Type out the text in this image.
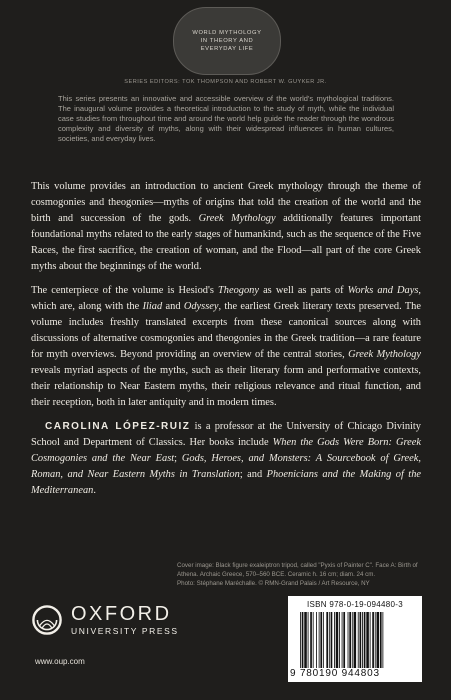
WORLD MYTHOLOGY
IN THEORY AND
EVERYDAY LIFE
SERIES EDITORS: TOK THOMPSON AND ROBERT W. GUYKER JR.

This series presents an innovative and accessible overview of the world's mythological traditions. The inaugural volume provides a theoretical introduction to the study of myth, while the individual case studies from throughout time and around the world help guide the reader through the wondrous complexity and diversity of myths, along with their widespread influences in human cultures, societies, and everyday lives.

This volume provides an introduction to ancient Greek mythology through the theme of cosmogonies and theogonies—myths of origins that told the creation of the world and the birth and succession of the gods. Greek Mythology additionally features important foundational myths related to the early stages of humankind, such as the sequence of the Five Races, the first sacrifice, the creation of woman, and the Flood—all part of the core Greek myths about the beginnings of the world.

The centerpiece of the volume is Hesiod's Theogony as well as parts of Works and Days, which are, along with the Iliad and Odyssey, the earliest Greek literary texts preserved. The volume includes freshly translated excerpts from these canonical sources along with discussions of alternative cosmogonies and theogonies in the Greek tradition—a rare feature for myth overviews. Beyond providing an overview of the central stories, Greek Mythology reveals myriad aspects of the myths, such as their literary form and performative contexts, their relationship to Near Eastern myths, their religious relevance and ritual function, and their reception, both in later antiquity and in modern times.

CAROLINA LÓPEZ-RUIZ is a professor at the University of Chicago Divinity School and Department of Classics. Her books include When the Gods Were Born: Greek Cosmogonies and the Near East; Gods, Heroes, and Monsters: A Sourcebook of Greek, Roman, and Near Eastern Myths in Translation; and Phoenicians and the Making of the Mediterranean.

Cover image: Black figure exaleiptron tripod, called "Pyxis of Painter C". Face A: Birth of
Athena. Archaic Greece, 570–560 BCE. Ceramic h. 16 cm; diam. 24 cm.
Photo: Stéphane Maréchalle. © RMN-Grand Palais / Art Resource, NY
OXFORD
UNIVERSITY PRESS
www.oup.com
ISBN 978-0-19-094480-3
9 780190 944803
